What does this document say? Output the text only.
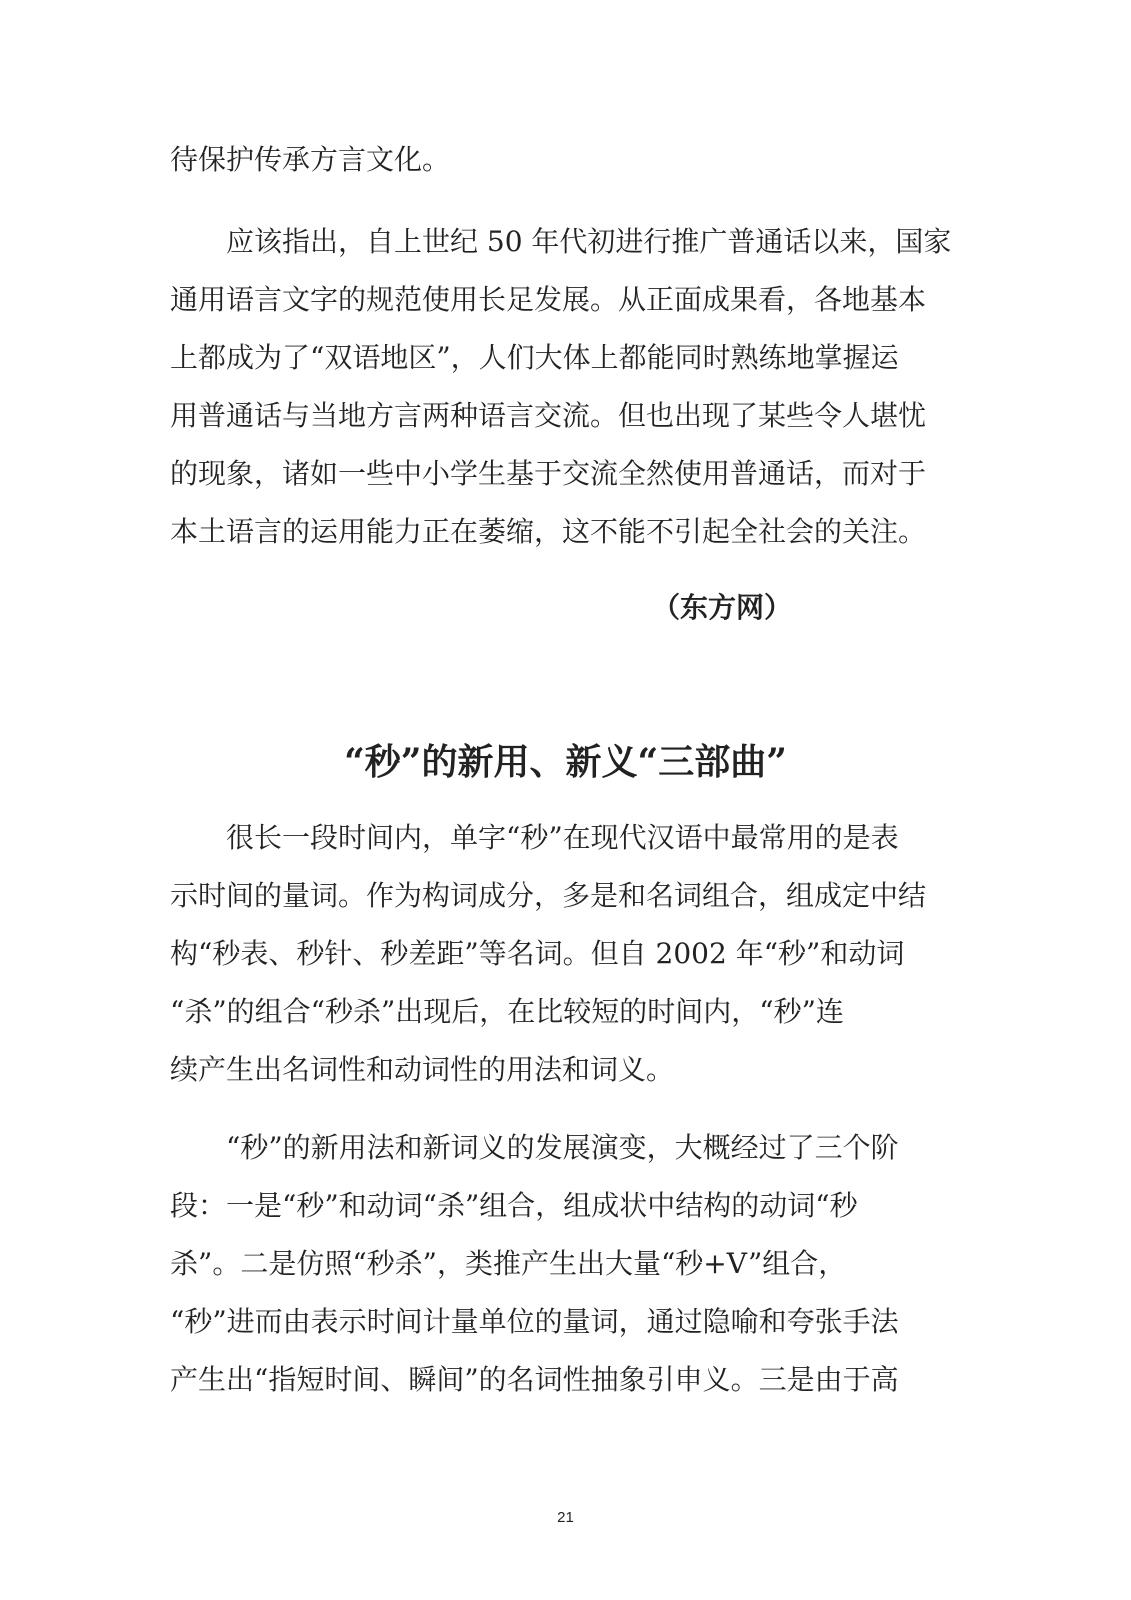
待保护传承方言文化。

　　应该指出，自上世纪 50 年代初进行推广普通话以来，国家

通用语言文字的规范使用长足发展。从正面成果看，各地基本

上都成为了“双语地区”，人们大体上都能同时熟练地掌握运

用普通话与当地方言两种语言交流。但也出现了某些令人堪忧

的现象，诸如一些中小学生基于交流全然使用普通话，而对于

本土语言的运用能力正在萎缩，这不能不引起全社会的关注。

（东方网）

“秒”的新用、新义“三部曲”

　　很长一段时间内，单字“秒”在现代汉语中最常用的是表

示时间的量词。作为构词成分，多是和名词组合，组成定中结

构“秒表、秒针、秒差距”等名词。但自 2002 年“秒”和动词

“杀”的组合“秒杀”出现后，在比较短的时间内，“秒”连

续产生出名词性和动词性的用法和词义。

　　“秒”的新用法和新词义的发展演变，大概经过了三个阶

段：一是“秒”和动词“杀”组合，组成状中结构的动词“秒

杀”。二是仿照“秒杀”，类推产生出大量“秒+V”组合，

“秒”进而由表示时间计量单位的量词，通过隐喻和夸张手法

产生出“指短时间、瞬间”的名词性抽象引申义。三是由于高

21
